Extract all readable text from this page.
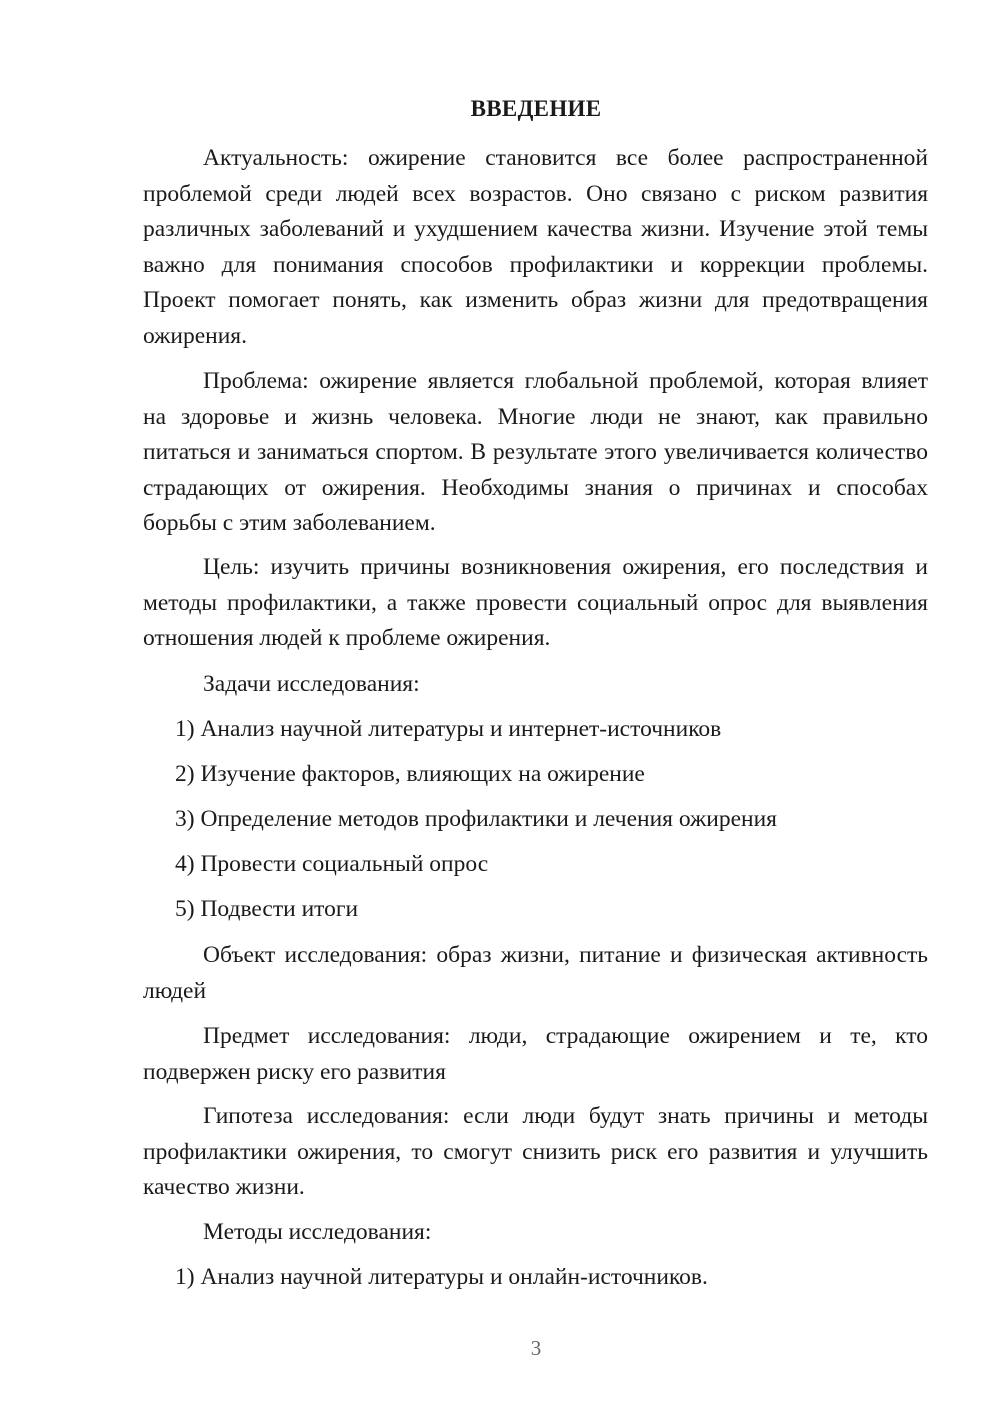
ВВЕДЕНИЕ

Актуальность: ожирение становится все более распространенной проблемой среди людей всех возрастов. Оно связано с риском развития различных заболеваний и ухудшением качества жизни. Изучение этой темы важно для понимания способов профилактики и коррекции проблемы. Проект помогает понять, как изменить образ жизни для предотвращения ожирения.

Проблема: ожирение является глобальной проблемой, которая влияет на здоровье и жизнь человека. Многие люди не знают, как правильно питаться и заниматься спортом. В результате этого увеличивается количество страдающих от ожирения. Необходимы знания о причинах и способах борьбы с этим заболеванием.

Цель: изучить причины возникновения ожирения, его последствия и методы профилактики, а также провести социальный опрос для выявления отношения людей к проблеме ожирения.

Задачи исследования:

1) Анализ научной литературы и интернет-источников

2) Изучение факторов, влияющих на ожирение

3) Определение методов профилактики и лечения ожирения

4) Провести социальный опрос

5) Подвести итоги

Объект исследования: образ жизни, питание и физическая активность людей

Предмет исследования: люди, страдающие ожирением и те, кто подвержен риску его развития

Гипотеза исследования: если люди будут знать причины и методы профилактики ожирения, то смогут снизить риск его развития и улучшить качество жизни.

Методы исследования:

1) Анализ научной литературы и онлайн-источников.

3
